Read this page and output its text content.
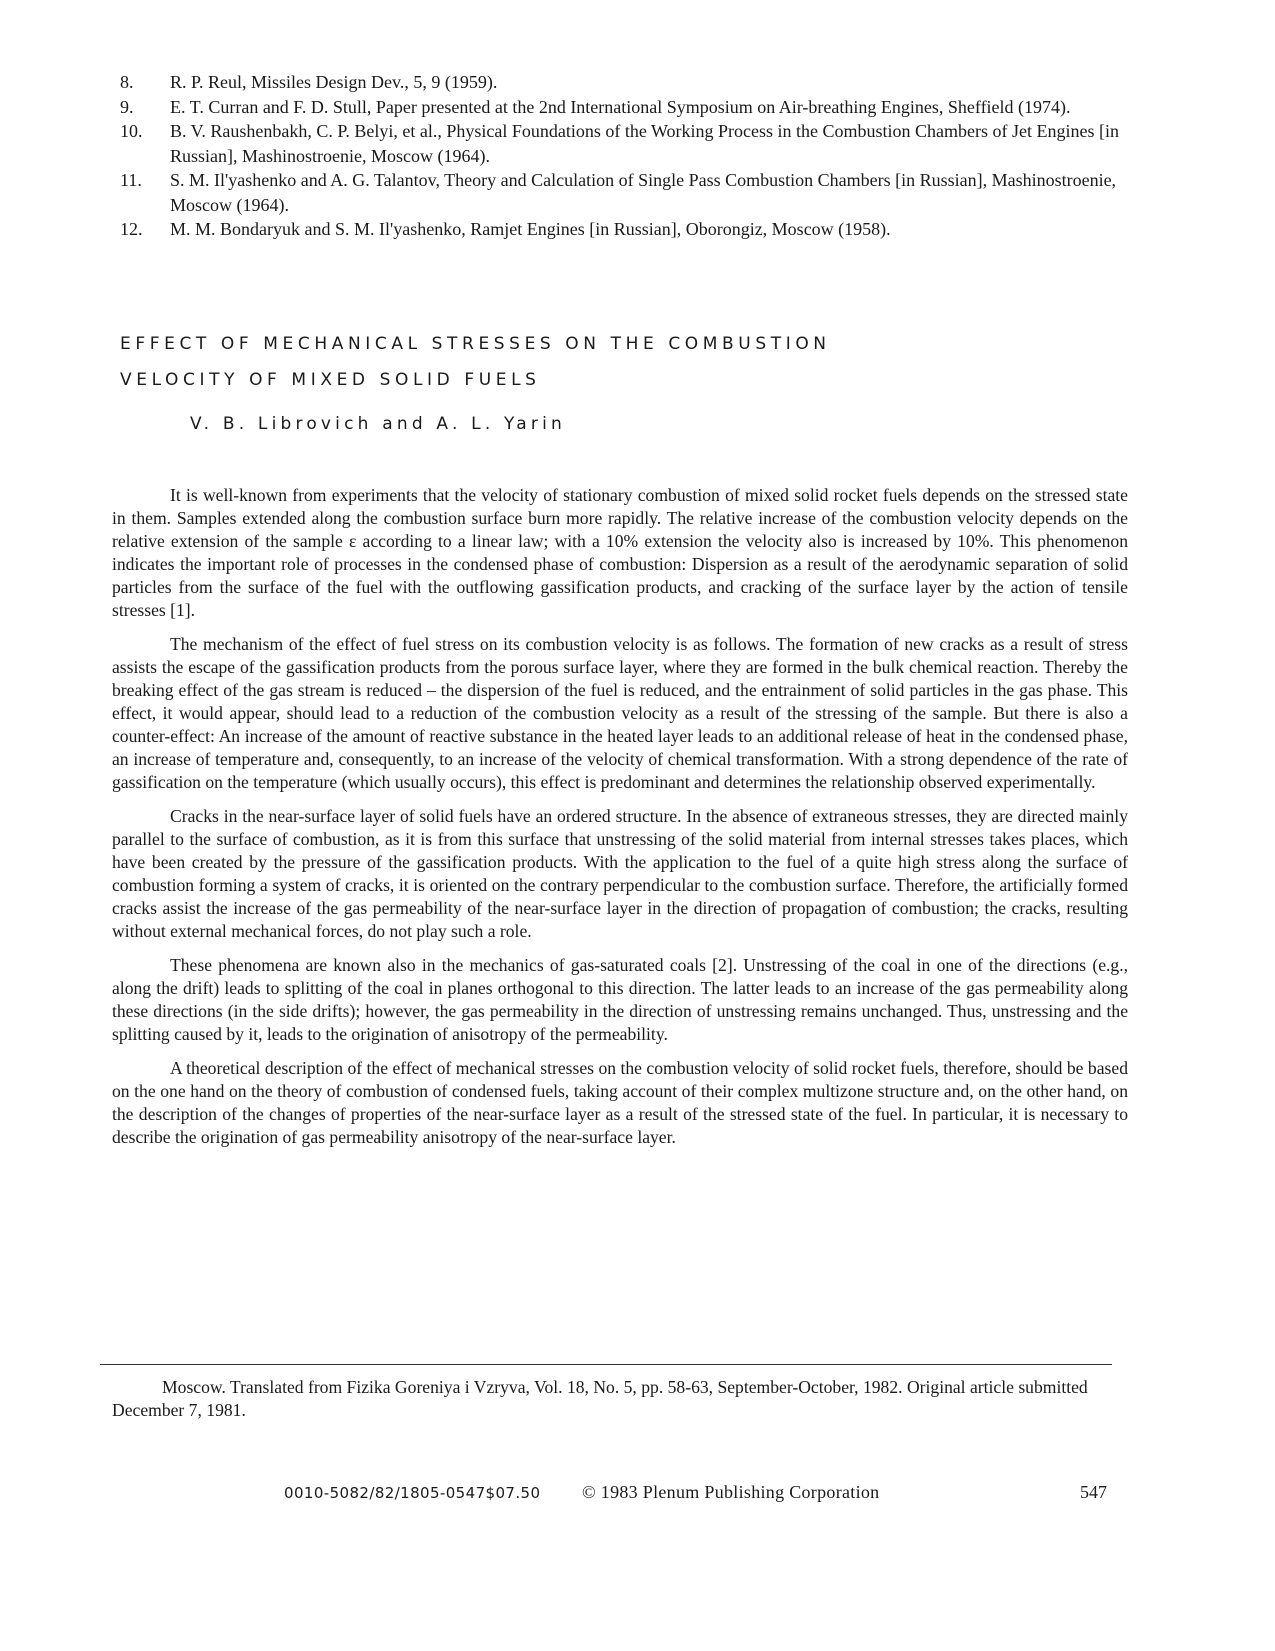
8.	R. P. Reul, Missiles Design Dev., 5, 9 (1959).
9.	E. T. Curran and F. D. Stull, Paper presented at the 2nd International Symposium on Air-breathing Engines, Sheffield (1974).
10.	B. V. Raushenbakh, C. P. Belyi, et al., Physical Foundations of the Working Process in the Combustion Chambers of Jet Engines [in Russian], Mashinostroenie, Moscow (1964).
11.	S. M. Il'yashenko and A. G. Talantov, Theory and Calculation of Single Pass Combustion Chambers [in Russian], Mashinostroenie, Moscow (1964).
12.	M. M. Bondaryuk and S. M. Il'yashenko, Ramjet Engines [in Russian], Oborongiz, Moscow (1958).
EFFECT OF MECHANICAL STRESSES ON THE COMBUSTION
VELOCITY OF MIXED SOLID FUELS
V. B. Librovich and A. L. Yarin

It is well-known from experiments that the velocity of stationary combustion of mixed solid rocket fuels depends on the stressed state in them. Samples extended along the combustion surface burn more rapidly. The relative increase of the combustion velocity depends on the relative extension of the sample ε according to a linear law; with a 10% extension the velocity also is increased by 10%. This phenomenon indicates the important role of processes in the condensed phase of combustion: Dispersion as a result of the aerodynamic separation of solid particles from the surface of the fuel with the outflowing gassification products, and cracking of the surface layer by the action of tensile stresses [1].

The mechanism of the effect of fuel stress on its combustion velocity is as follows. The formation of new cracks as a result of stress assists the escape of the gassification products from the porous surface layer, where they are formed in the bulk chemical reaction. Thereby the breaking effect of the gas stream is reduced – the dispersion of the fuel is reduced, and the entrainment of solid particles in the gas phase. This effect, it would appear, should lead to a reduction of the combustion velocity as a result of the stressing of the sample. But there is also a counter-effect: An increase of the amount of reactive substance in the heated layer leads to an additional release of heat in the condensed phase, an increase of temperature and, consequently, to an increase of the velocity of chemical transformation. With a strong dependence of the rate of gassification on the temperature (which usually occurs), this effect is predominant and determines the relationship observed experimentally.

Cracks in the near-surface layer of solid fuels have an ordered structure. In the absence of extraneous stresses, they are directed mainly parallel to the surface of combustion, as it is from this surface that unstressing of the solid material from internal stresses takes places, which have been created by the pressure of the gassification products. With the application to the fuel of a quite high stress along the surface of combustion forming a system of cracks, it is oriented on the contrary perpendicular to the combustion surface. Therefore, the artificially formed cracks assist the increase of the gas permeability of the near-surface layer in the direction of propagation of combustion; the cracks, resulting without external mechanical forces, do not play such a role.

These phenomena are known also in the mechanics of gas-saturated coals [2]. Unstressing of the coal in one of the directions (e.g., along the drift) leads to splitting of the coal in planes orthogonal to this direction. The latter leads to an increase of the gas permeability along these directions (in the side drifts); however, the gas permeability in the direction of unstressing remains unchanged. Thus, unstressing and the splitting caused by it, leads to the origination of anisotropy of the permeability.

A theoretical description of the effect of mechanical stresses on the combustion velocity of solid rocket fuels, therefore, should be based on the one hand on the theory of combustion of condensed fuels, taking account of their complex multizone structure and, on the other hand, on the description of the changes of properties of the near-surface layer as a result of the stressed state of the fuel. In particular, it is necessary to describe the origination of gas permeability anisotropy of the near-surface layer.

Moscow. Translated from Fizika Goreniya i Vzryva, Vol. 18, No. 5, pp. 58-63, September-October, 1982. Original article submitted December 7, 1981.

0010-5082/82/1805-0547$07.50 © 1983 Plenum Publishing Corporation	547
